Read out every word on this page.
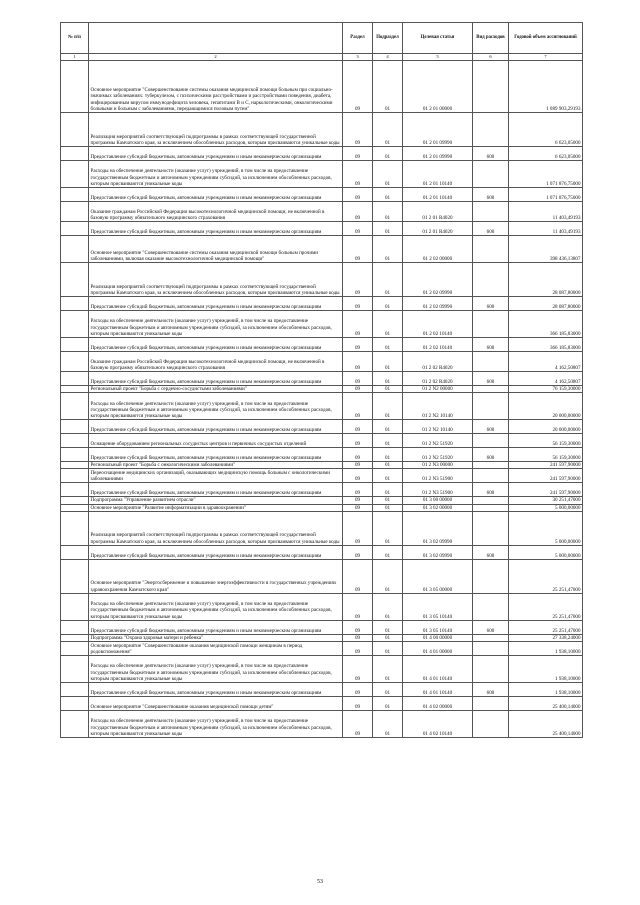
№ п/п		Раздел	Подраздел	Целевая статья	Вид расходов	Годовой объем ассигнований
1	2	3	4	5	6	7
	Основное мероприятие "Совершенствование системы оказания медицинской помощи больным при социально-значимых заболеваниях: туберкулезом, с психическими расстройствами и расстройствами поведения, диабета, инфицированным вирусом иммунодефицита человека, гепатитами В и С, наркологическими, онкологическими больными и больным с заболеваниями, передающимися половым путем"	09	01	01 2 01 00000		1 089 903,29193
	Реализация мероприятий соответствующей подпрограммы в рамках соответствующей государственной программы Камчатского края, за исключением обособленных расходов, которым присваиваются уникальные коды	09	01	01 2 01 09990		6 623,05000
	Предоставление субсидий бюджетным, автономным учреждениям и иным некоммерческим организациям	09	01	01 2 01 09990	600	6 623,05000
	Расходы на обеспечение деятельности (оказание услуг) учреждений, в том числе на предоставление государственным бюджетным и автономным учреждениям субсидий, за исключением обособленных расходов, которым присваиваются уникальные коды	09	01	01 2 01 10140		1 071 876,75000
	Предоставление субсидий бюджетным, автономным учреждениям и иным некоммерческим организациям	09	01	01 2 01 10140	600	1 071 876,75000
	Оказание гражданам Российской Федерации высокотехнологичной медицинской помощи, не включенной в базовую программу обязательного медицинского страхования	09	01	01 2 01 R4020		11 403,49193
	Предоставление субсидий бюджетным, автономным учреждениям и иным некоммерческим организациям	09	01	01 2 01 R4020	600	11 403,49193
	Основное мероприятие "Совершенствование системы оказания медицинской помощи больным прочими заболеваниями, включая оказание высокотехнологичной медицинской помощи"	09	01	01 2 02 00000		398 436,13807
	Реализация мероприятий соответствующей подпрограммы в рамках соответствующей государственной программы Камчатского края, за исключением обособленных расходов, которым присваиваются уникальные коды	09	01	01 2 02 09990		28 087,80000
	Предоставление субсидий бюджетным, автономным учреждениям и иным некоммерческим организациям	09	01	01 2 02 09990	600	28 087,80000
	Расходы на обеспечение деятельности (оказание услуг) учреждений, в том числе на предоставление государственным бюджетным и автономным учреждениям субсидий, за исключением обособленных расходов, которым присваиваются уникальные коды	09	01	01 2 02 10140		366 185,83000
	Предоставление субсидий бюджетным, автономным учреждениям и иным некоммерческим организациям	09	01	01 2 02 10140	600	366 185,83000
	Оказание гражданам Российской Федерации высокотехнологичной медицинской помощи, не включенной в базовую программу обязательного медицинского страхования	09	01	01 2 02 R4020		4 162,50807
	Предоставление субсидий бюджетным, автономным учреждениям и иным некоммерческим организациям	09	01	01 2 02 R4020	600	4 162,50807
	Региональный проект "Борьба с сердечно-сосудистыми заболеваниями"	09	01	01 2 N2 00000		76 159,30000
	Расходы на обеспечение деятельности (оказание услуг) учреждений, в том числе на предоставление государственным бюджетным и автономным учреждениям субсидий, за исключением обособленных расходов, которым присваиваются уникальные коды	09	01	01 2 N2 10140		20 000,00000
	Предоставление субсидий бюджетным, автономным учреждениям и иным некоммерческим организациям	09	01	01 2 N2 10140	600	20 000,00000
	Оснащение оборудованием региональных сосудистых центров и первичных сосудистых отделений	09	01	01 2 N2 51920		56 159,30000
	Предоставление субсидий бюджетным, автономным учреждениям и иным некоммерческим организациям	09	01	01 2 N2 51920	600	56 159,30000
	Региональный проект "Борьба с онкологическими заболеваниями"	09	01	01 2 N3 00000		241 597,90000
	Переоснащение медицинских организаций, оказывающих медицинскую помощь больным с онкологическими заболеваниями	09	01	01 2 N3 51900		241 597,90000
	Предоставление субсидий бюджетным, автономным учреждениям и иным некоммерческим организациям	09	01	01 2 N3 51900	600	241 597,90000
	Подпрограмма "Управление развитием отрасли"	09	01	01 3 00 00000		30 251,47000
	Основное мероприятие "Развитие информатизации в здравоохранении"	09	01	01 3 02 00000		5 000,00000
	Реализация мероприятий соответствующей подпрограммы в рамках соответствующей государственной программы Камчатского края, за исключением обособленных расходов, которым присваиваются уникальные коды	09	01	01 3 02 09990		5 000,00000
	Предоставление субсидий бюджетным, автономным учреждениям и иным некоммерческим организациям	09	01	01 3 02 09990	600	5 000,00000
	Основное мероприятие "Энергосбережение и повышение энергоэффективности в государственных учреждениях здравоохранения Камчатского края"	09	01	01 3 05 00000		25 251,47000
	Расходы на обеспечение деятельности (оказание услуг) учреждений, в том числе на предоставление государственным бюджетным и автономным учреждениям субсидий, за исключением обособленных расходов, которым присваиваются уникальные коды	09	01	01 3 05 10140		25 251,47000
	Предоставление субсидий бюджетным, автономным учреждениям и иным некоммерческим организациям	09	01	01 3 05 10140	600	25 251,47000
	Подпрограмма "Охрана здоровья матери и ребенка"	09	01	01 4 00 00000		27 338,24000
	Основное мероприятие "Совершенствование оказания медицинской помощи женщинам в период родовспоможения"	09	01	01 4 01 00000		1 938,10000
	Расходы на обеспечение деятельности (оказание услуг) учреждений, в том числе на предоставление государственным бюджетным и автономным учреждениям субсидий, за исключением обособленных расходов, которым присваиваются уникальные коды	09	01	01 4 01 10140		1 938,10000
	Предоставление субсидий бюджетным, автономным учреждениям и иным некоммерческим организациям	09	01	01 4 01 10140	600	1 938,10000
	Основное мероприятие "Совершенствование оказания медицинской помощи детям"	09	01	01 4 02 00000		25 400,14000
	Расходы на обеспечение деятельности (оказание услуг) учреждений, в том числе на предоставление государственным бюджетным и автономным учреждениям субсидий, за исключением обособленных расходов, которым присваиваются уникальные коды	09	01	01 4 02 10140		25 400,14000
53
